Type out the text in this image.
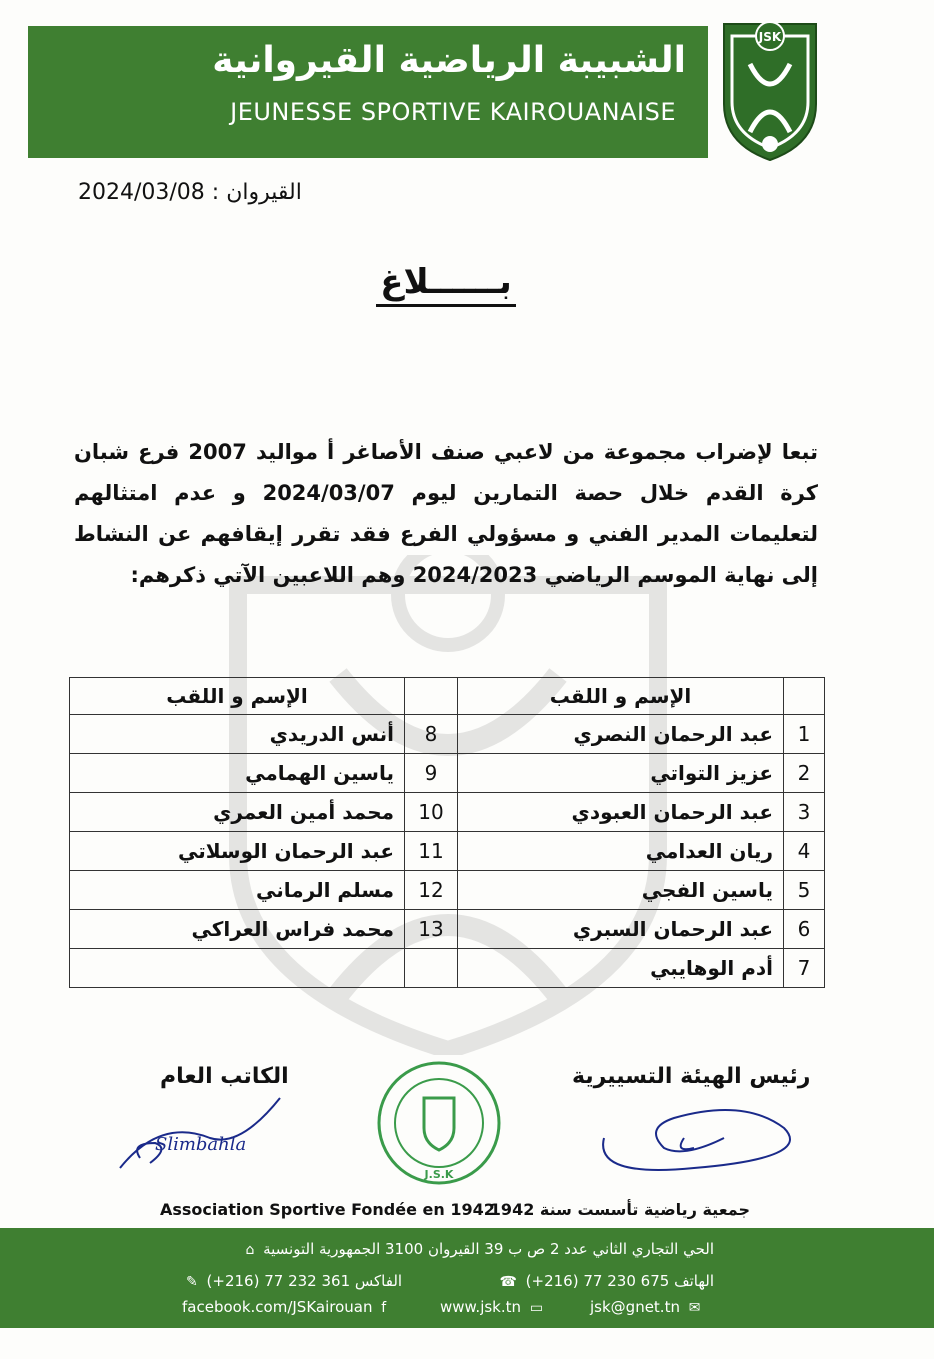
الشبيبة الرياضية القيروانية
JEUNESSE SPORTIVE KAIROUANAISE
JSK
القيروان : 2024/03/08
بــــــلاغ
تبعا لإضراب مجموعة من لاعبي صنف الأصاغر أ مواليد 2007 فرع شبان كرة القدم خلال حصة التمارين ليوم 2024/03/07 و عدم امتثالهم لتعليمات المدير الفني و مسؤولي الفرع فقد تقرر إيقافهم عن النشاط إلى نهاية الموسم الرياضي 2024/2023 وهم اللاعبين الآتي ذكرهم:
	الإسم و اللقب		الإسم و اللقب
1	عبد الرحمان النصري	8	أنس الدريدي
2	عزيز التواتي	9	ياسين الهمامي
3	عبد الرحمان العبودي	10	محمد أمين العمري
4	ريان العدامي	11	عبد الرحمان الوسلاتي
5	ياسين الفجي	12	مسلم الرماني
6	عبد الرحمان السبري	13	محمد فراس العراكي
7	أدم الوهايبي		
الكاتب العام	رئيس الهيئة التسييرية
Slimbahla
J.S.K
Association Sportive Fondée en 1942
جمعية رياضية تأسست سنة 1942
الحي التجاري الثاني عدد 2 ص ب 39 القيروان 3100 الجمهورية التونسية ⌂
الهاتف 675 230 77 (216+) ☎
الفاكس 361 232 77 (216+) ✎
jsk@gnet.tn ✉
www.jsk.tn ▭
facebook.com/JSKairouan f
